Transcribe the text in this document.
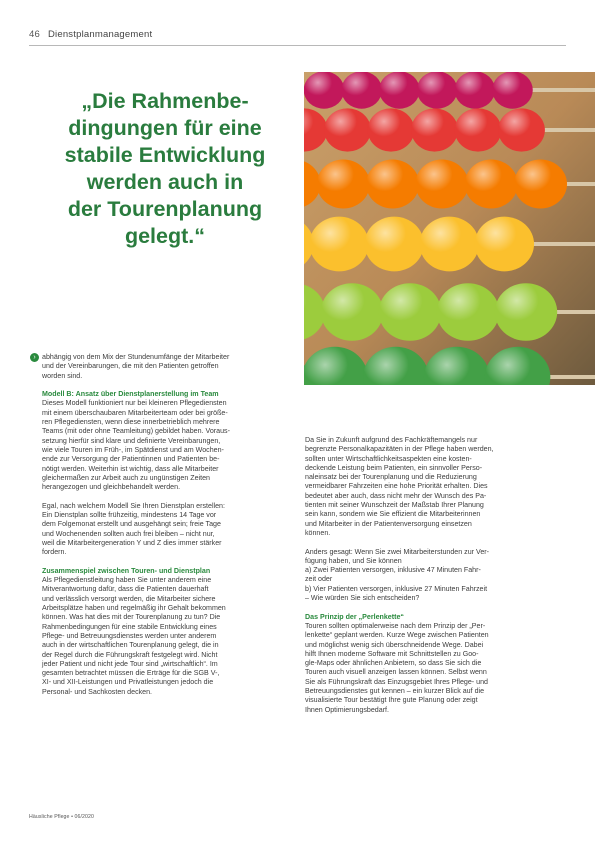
46 Dienstplanmanagement
„Die Rahmenbe-
dingungen für eine
stabile Entwicklung
werden auch in
der Tourenplanung
gelegt.“
› abhängig von dem Mix der Stundenumfänge der Mitarbeiter
und der Vereinbarungen, die mit den Patienten getroffen
worden sind.

Modell B: Ansatz über Dienstplanerstellung im Team

Dieses Modell funktioniert nur bei kleineren Pflegediensten
mit einem überschaubaren Mitarbeiterteam oder bei größe-
ren Pflegediensten, wenn diese innerbetrieblich mehrere
Teams (mit oder ohne Teamleitung) gebildet haben. Voraus-
setzung hierfür sind klare und definierte Vereinbarungen,
wie viele Touren im Früh-, im Spätdienst und am Wochen-
ende zur Versorgung der Patientinnen und Patienten be-
nötigt werden. Weiterhin ist wichtig, dass alle Mitarbeiter
gleichermaßen zur Arbeit auch zu ungünstigen Zeiten
herangezogen und gleichbehandelt werden.

Egal, nach welchem Modell Sie Ihren Dienstplan erstellen:
Ein Dienstplan sollte frühzeitig, mindestens 14 Tage vor
dem Folgemonat erstellt und ausgehängt sein; freie Tage
und Wochenenden sollten auch frei bleiben – nicht nur,
weil die Mitarbeitergeneration Y und Z dies immer stärker
fordern.

Zusammenspiel zwischen Touren- und Dienstplan

Als Pflegedienstleitung haben Sie unter anderem eine
Mitverantwortung dafür, dass die Patienten dauerhaft
und verlässlich versorgt werden, die Mitarbeiter sichere
Arbeitsplätze haben und regelmäßig ihr Gehalt bekommen
können. Was hat dies mit der Tourenplanung zu tun? Die
Rahmenbedingungen für eine stabile Entwicklung eines
Pflege- und Betreuungsdienstes werden unter anderem
auch in der wirtschaftlichen Tourenplanung gelegt, die in
der Regel durch die Führungskraft festgelegt wird. Nicht
jeder Patient und nicht jede Tour sind „wirtschaftlich“. Im
gesamten betrachtet müssen die Erträge für die SGB V-,
XI- und XII-Leistungen und Privatleistungen jedoch die
Personal- und Sachkosten decken.

Da Sie in Zukunft aufgrund des Fachkräftemangels nur
begrenzte Personalkapazitäten in der Pflege haben werden,
sollten unter Wirtschaftlichkeitsaspekten eine kosten-
deckende Leistung beim Patienten, ein sinnvoller Perso-
naleinsatz bei der Tourenplanung und die Reduzierung
vermeidbarer Fahrzeiten eine hohe Priorität erhalten. Dies
bedeutet aber auch, dass nicht mehr der Wunsch des Pa-
tienten mit seiner Wunschzeit der Maßstab Ihrer Planung
sein kann, sondern wie Sie effizient die Mitarbeiterinnen
und Mitarbeiter in der Patientenversorgung einsetzen
können.

Anders gesagt: Wenn Sie zwei Mitarbeiterstunden zur Ver-
fügung haben, und Sie können
a) Zwei Patienten versorgen, inklusive 47 Minuten Fahr-
zeit oder
b) Vier Patienten versorgen, inklusive 27 Minuten Fahrzeit
– Wie würden Sie sich entscheiden?

Das Prinzip der „Perlenkette“

Touren sollten optimalerweise nach dem Prinzip der „Per-
lenkette“ geplant werden. Kurze Wege zwischen Patienten
und möglichst wenig sich überschneidende Wege. Dabei
hilft Ihnen moderne Software mit Schnittstellen zu Goo-
gle-Maps oder ähnlichen Anbietern, so dass Sie sich die
Touren auch visuell anzeigen lassen können. Selbst wenn
Sie als Führungskraft das Einzugsgebiet Ihres Pflege- und
Betreuungsdienstes gut kennen – ein kurzer Blick auf die
visualisierte Tour bestätigt Ihre gute Planung oder zeigt
Ihnen Optimierungsbedarf.

Häusliche Pflege • 06/2020
